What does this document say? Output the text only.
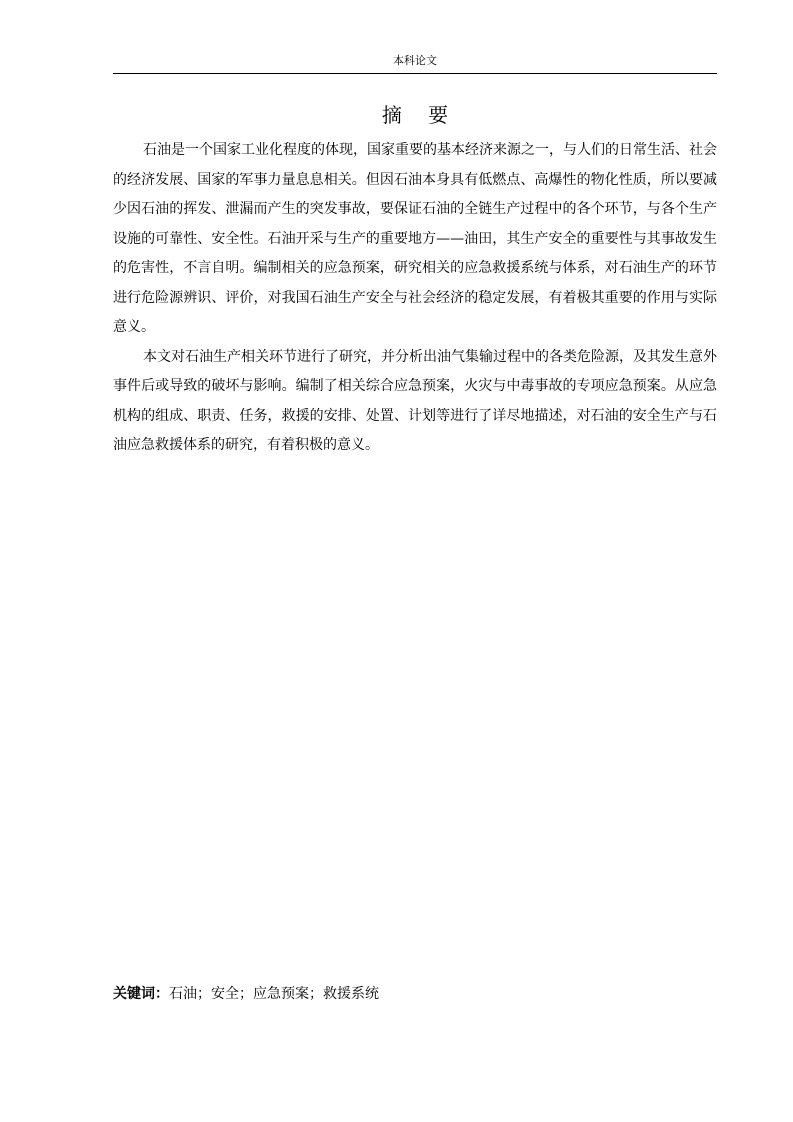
本科论文
摘 要

石油是一个国家工业化程度的体现，国家重要的基本经济来源之一，与人们的日常生活、社会的经济发展、国家的军事力量息息相关。但因石油本身具有低燃点、高爆性的物化性质，所以要减少因石油的挥发、泄漏而产生的突发事故，要保证石油的全链生产过程中的各个环节，与各个生产设施的可靠性、安全性。石油开采与生产的重要地方——油田，其生产安全的重要性与其事故发生的危害性，不言自明。编制相关的应急预案，研究相关的应急救援系统与体系，对石油生产的环节进行危险源辨识、评价，对我国石油生产安全与社会经济的稳定发展，有着极其重要的作用与实际意义。

本文对石油生产相关环节进行了研究，并分析出油气集输过程中的各类危险源，及其发生意外事件后或导致的破坏与影响。编制了相关综合应急预案，火灾与中毒事故的专项应急预案。从应急机构的组成、职责、任务，救援的安排、处置、计划等进行了详尽地描述，对石油的安全生产与石油应急救援体系的研究，有着积极的意义。

关键词：石油；安全；应急预案；救援系统
